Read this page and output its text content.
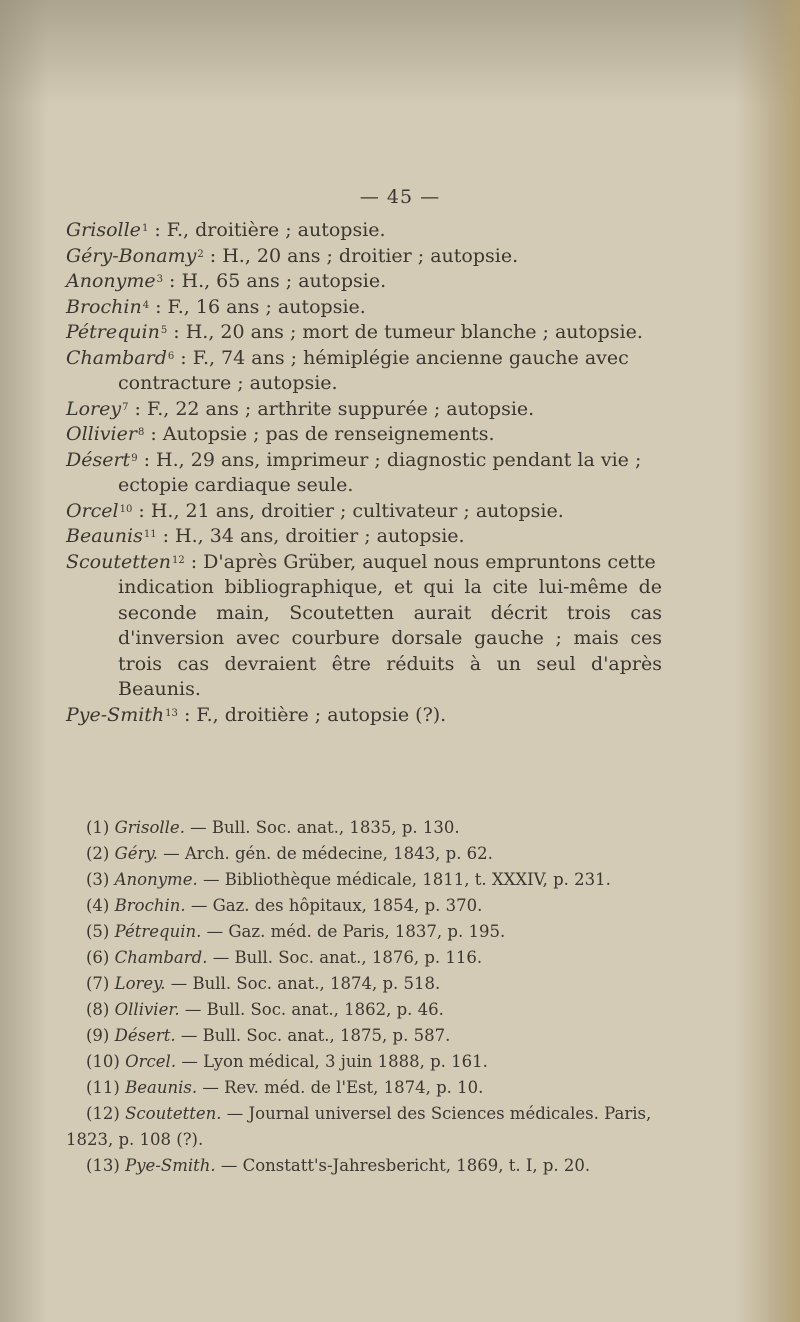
— 45 —
Grisolle$^1$ : F., droitière ; autopsie.
Géry-Bonamy$^2$ : H., 20 ans ; droitier ; autopsie.
Anonyme$^3$ : H., 65 ans ; autopsie.
Brochin$^4$ : F., 16 ans ; autopsie.
Pétrequin$^5$ : H., 20 ans ; mort de tumeur blanche ; autopsie.
Chambard$^6$ : F., 74 ans ; hémiplégie ancienne gauche avec
contracture ; autopsie.
Lorey$^7$ : F., 22 ans ; arthrite suppurée ; autopsie.
Ollivier$^8$ : Autopsie ; pas de renseignements.
Désert$^9$ : H., 29 ans, imprimeur ; diagnostic pendant la vie ;
ectopie cardiaque seule.
Orcel$^{10}$ : H., 21 ans, droitier ; cultivateur ; autopsie.
Beaunis$^{11}$ : H., 34 ans, droitier ; autopsie.
Scoutetten$^{12}$ : D'après Grüber, auquel nous empruntons cette
indication bibliographique, et qui la cite lui-même de seconde main, Scoutetten aurait décrit trois cas d'inversion avec courbure dorsale gauche ; mais ces trois cas devraient être réduits à un seul d'après Beaunis.
Pye-Smith$^{13}$ : F., droitière ; autopsie (?).
(1) Grisolle. — Bull. Soc. anat., 1835, p. 130.
(2) Géry. — Arch. gén. de médecine, 1843, p. 62.
(3) Anonyme. — Bibliothèque médicale, 1811, t. XXXIV, p. 231.
(4) Brochin. — Gaz. des hôpitaux, 1854, p. 370.
(5) Pétrequin. — Gaz. méd. de Paris, 1837, p. 195.
(6) Chambard. — Bull. Soc. anat., 1876, p. 116.
(7) Lorey. — Bull. Soc. anat., 1874, p. 518.
(8) Ollivier. — Bull. Soc. anat., 1862, p. 46.
(9) Désert. — Bull. Soc. anat., 1875, p. 587.
(10) Orcel. — Lyon médical, 3 juin 1888, p. 161.
(11) Beaunis. — Rev. méd. de l'Est, 1874, p. 10.
(12) Scoutetten. — Journal universel des Sciences médicales. Paris,
1823, p. 108 (?).
(13) Pye-Smith. — Constatt's-Jahresbericht, 1869, t. I, p. 20.
